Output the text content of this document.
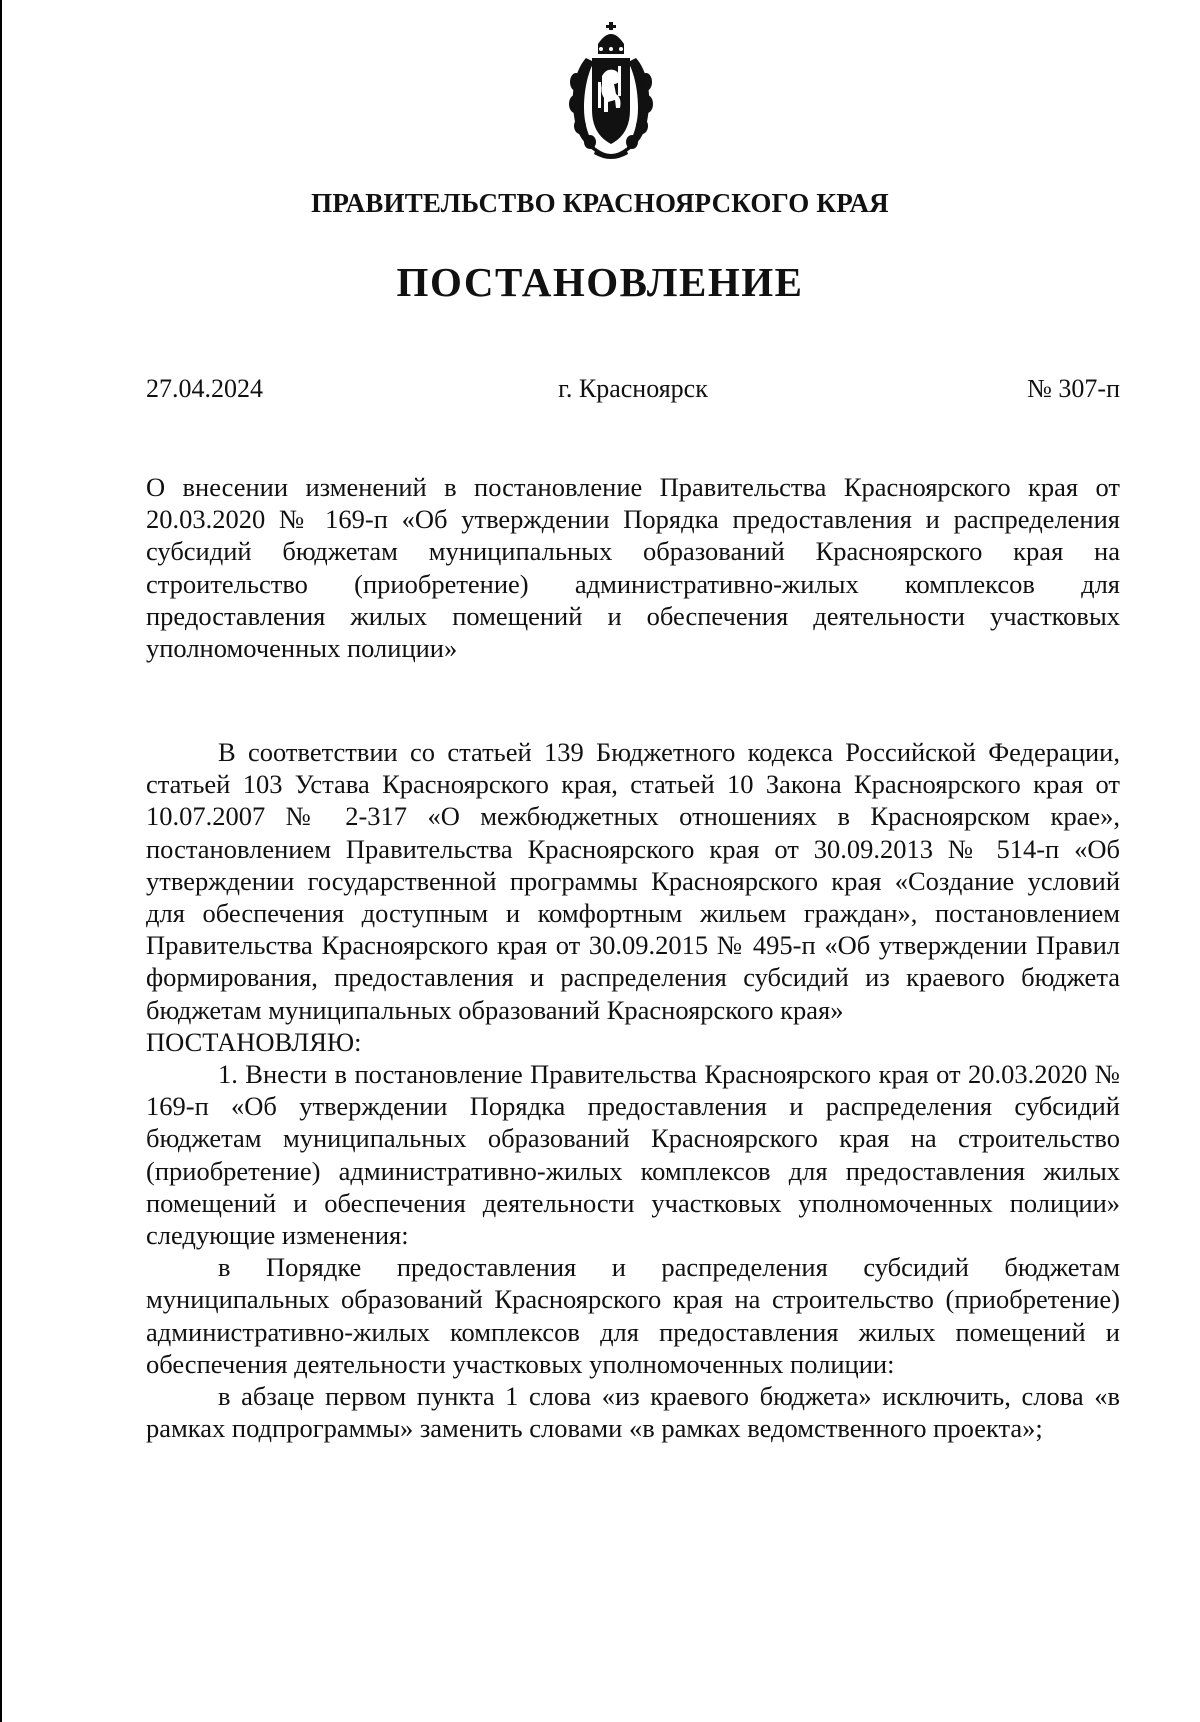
ПРАВИТЕЛЬСТВО КРАСНОЯРСКОГО КРАЯ
ПОСТАНОВЛЕНИЕ
27.04.2024	г. Красноярск	№ 307-п
О внесении изменений в постановление Правительства Красноярского края от 20.03.2020 № 169-п «Об утверждении Порядка предоставления и распределения субсидий бюджетам муниципальных образований Красноярского края на строительство (приобретение) административно-жилых комплексов для предоставления жилых помещений и обеспечения деятельности участковых уполномоченных полиции»

В соответствии со статьей 139 Бюджетного кодекса Российской Федерации, статьей 103 Устава Красноярского края, статьей 10 Закона Красноярского края от 10.07.2007 № 2-317 «О межбюджетных отношениях в Красноярском крае», постановлением Правительства Красноярского края от 30.09.2013 № 514-п «Об утверждении государственной программы Красноярского края «Создание условий для обеспечения доступным и комфортным жильем граждан», постановлением Правительства Красноярского края от 30.09.2015 № 495-п «Об утверждении Правил формирования, предоставления и распределения субсидий из краевого бюджета бюджетам муниципальных образований Красноярского края»

ПОСТАНОВЛЯЮ:

1. Внести в постановление Правительства Красноярского края от 20.03.2020 № 169-п «Об утверждении Порядка предоставления и распределения субсидий бюджетам муниципальных образований Красноярского края на строительство (приобретение) административно-жилых комплексов для предоставления жилых помещений и обеспечения деятельности участковых уполномоченных полиции» следующие изменения:

в Порядке предоставления и распределения субсидий бюджетам муниципальных образований Красноярского края на строительство (приобретение) административно-жилых комплексов для предоставления жилых помещений и обеспечения деятельности участковых уполномоченных полиции:

в абзаце первом пункта 1 слова «из краевого бюджета» исключить, слова «в рамках подпрограммы» заменить словами «в рамках ведомственного проекта»;
